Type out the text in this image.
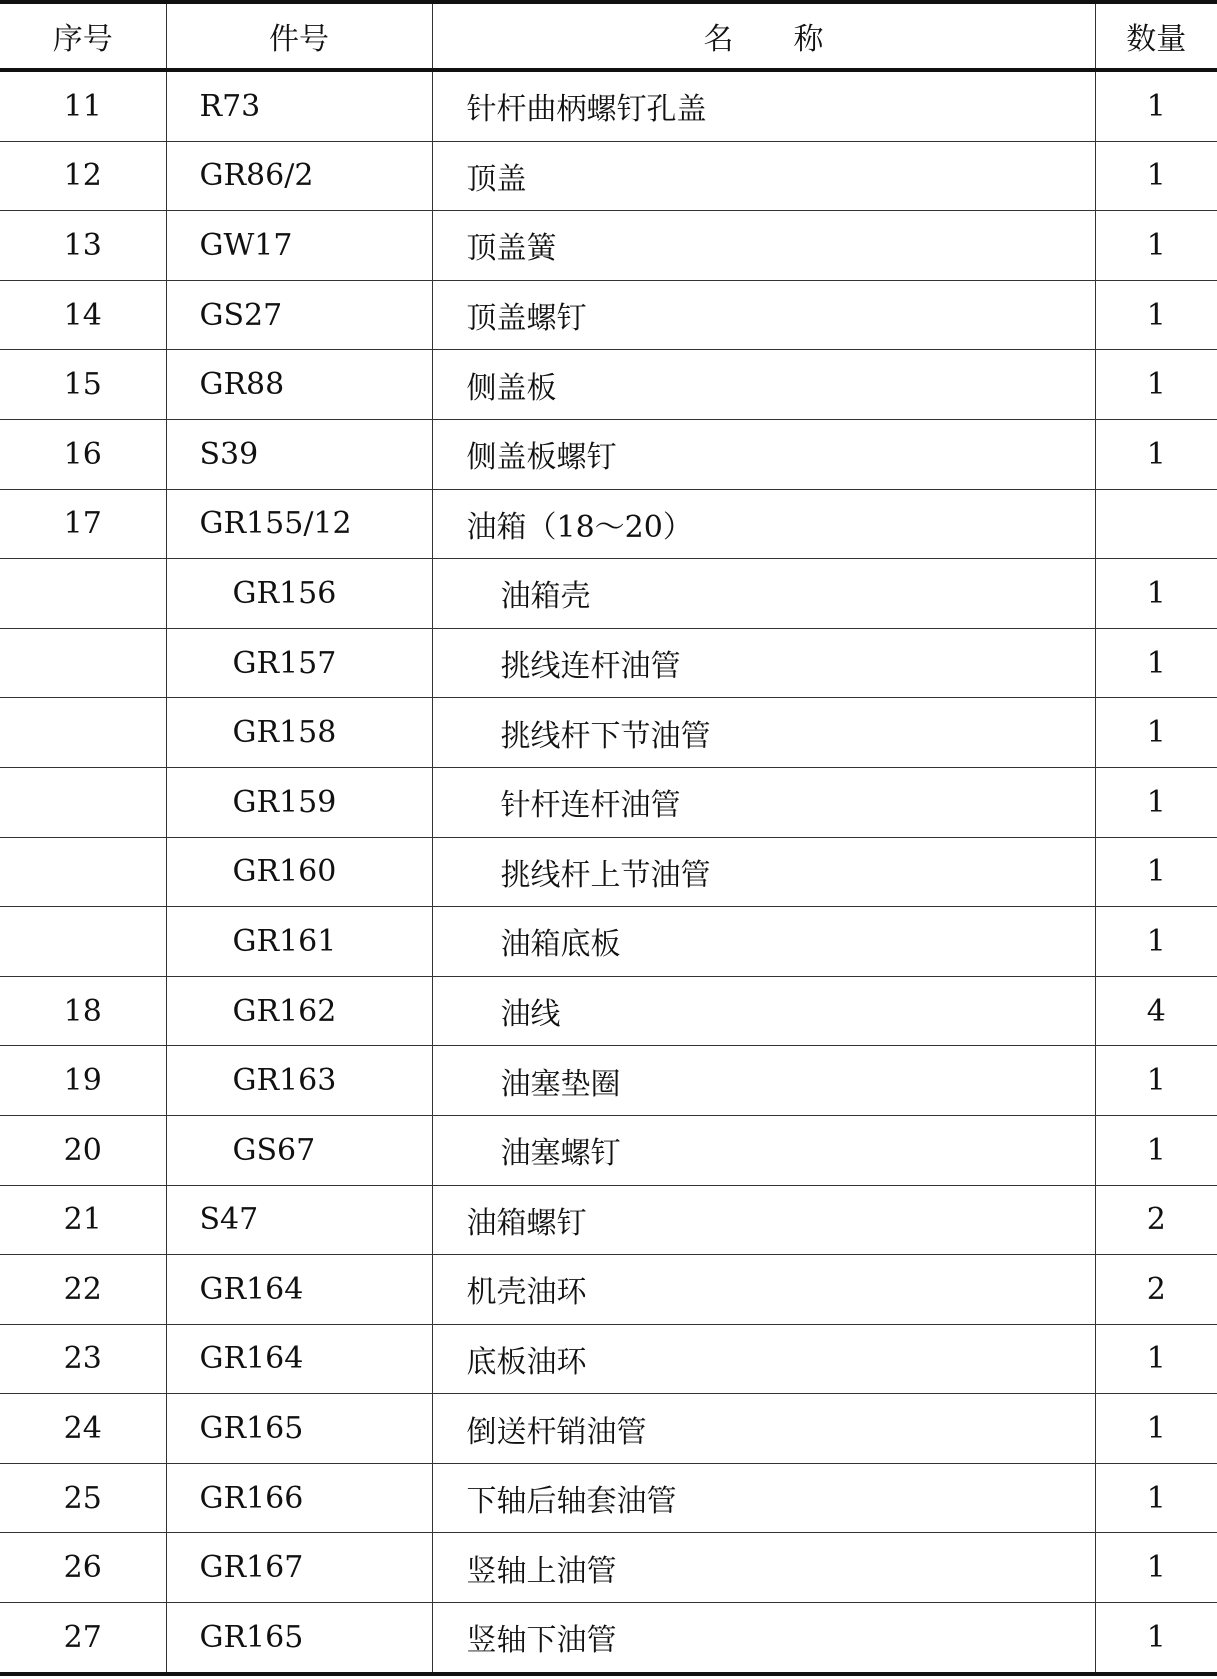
序号	件号	名　　称	数量
11	R73	针杆曲柄螺钉孔盖	1
12	GR86/2	顶盖	1
13	GW17	顶盖簧	1
14	GS27	顶盖螺钉	1
15	GR88	侧盖板	1
16	S39	侧盖板螺钉	1
17	GR155/12	油箱（18～20）	
	GR156	油箱壳	1
	GR157	挑线连杆油管	1
	GR158	挑线杆下节油管	1
	GR159	针杆连杆油管	1
	GR160	挑线杆上节油管	1
	GR161	油箱底板	1
18	GR162	油线	4
19	GR163	油塞垫圈	1
20	GS67	油塞螺钉	1
21	S47	油箱螺钉	2
22	GR164	机壳油环	2
23	GR164	底板油环	1
24	GR165	倒送杆销油管	1
25	GR166	下轴后轴套油管	1
26	GR167	竖轴上油管	1
27	GR165	竖轴下油管	1
